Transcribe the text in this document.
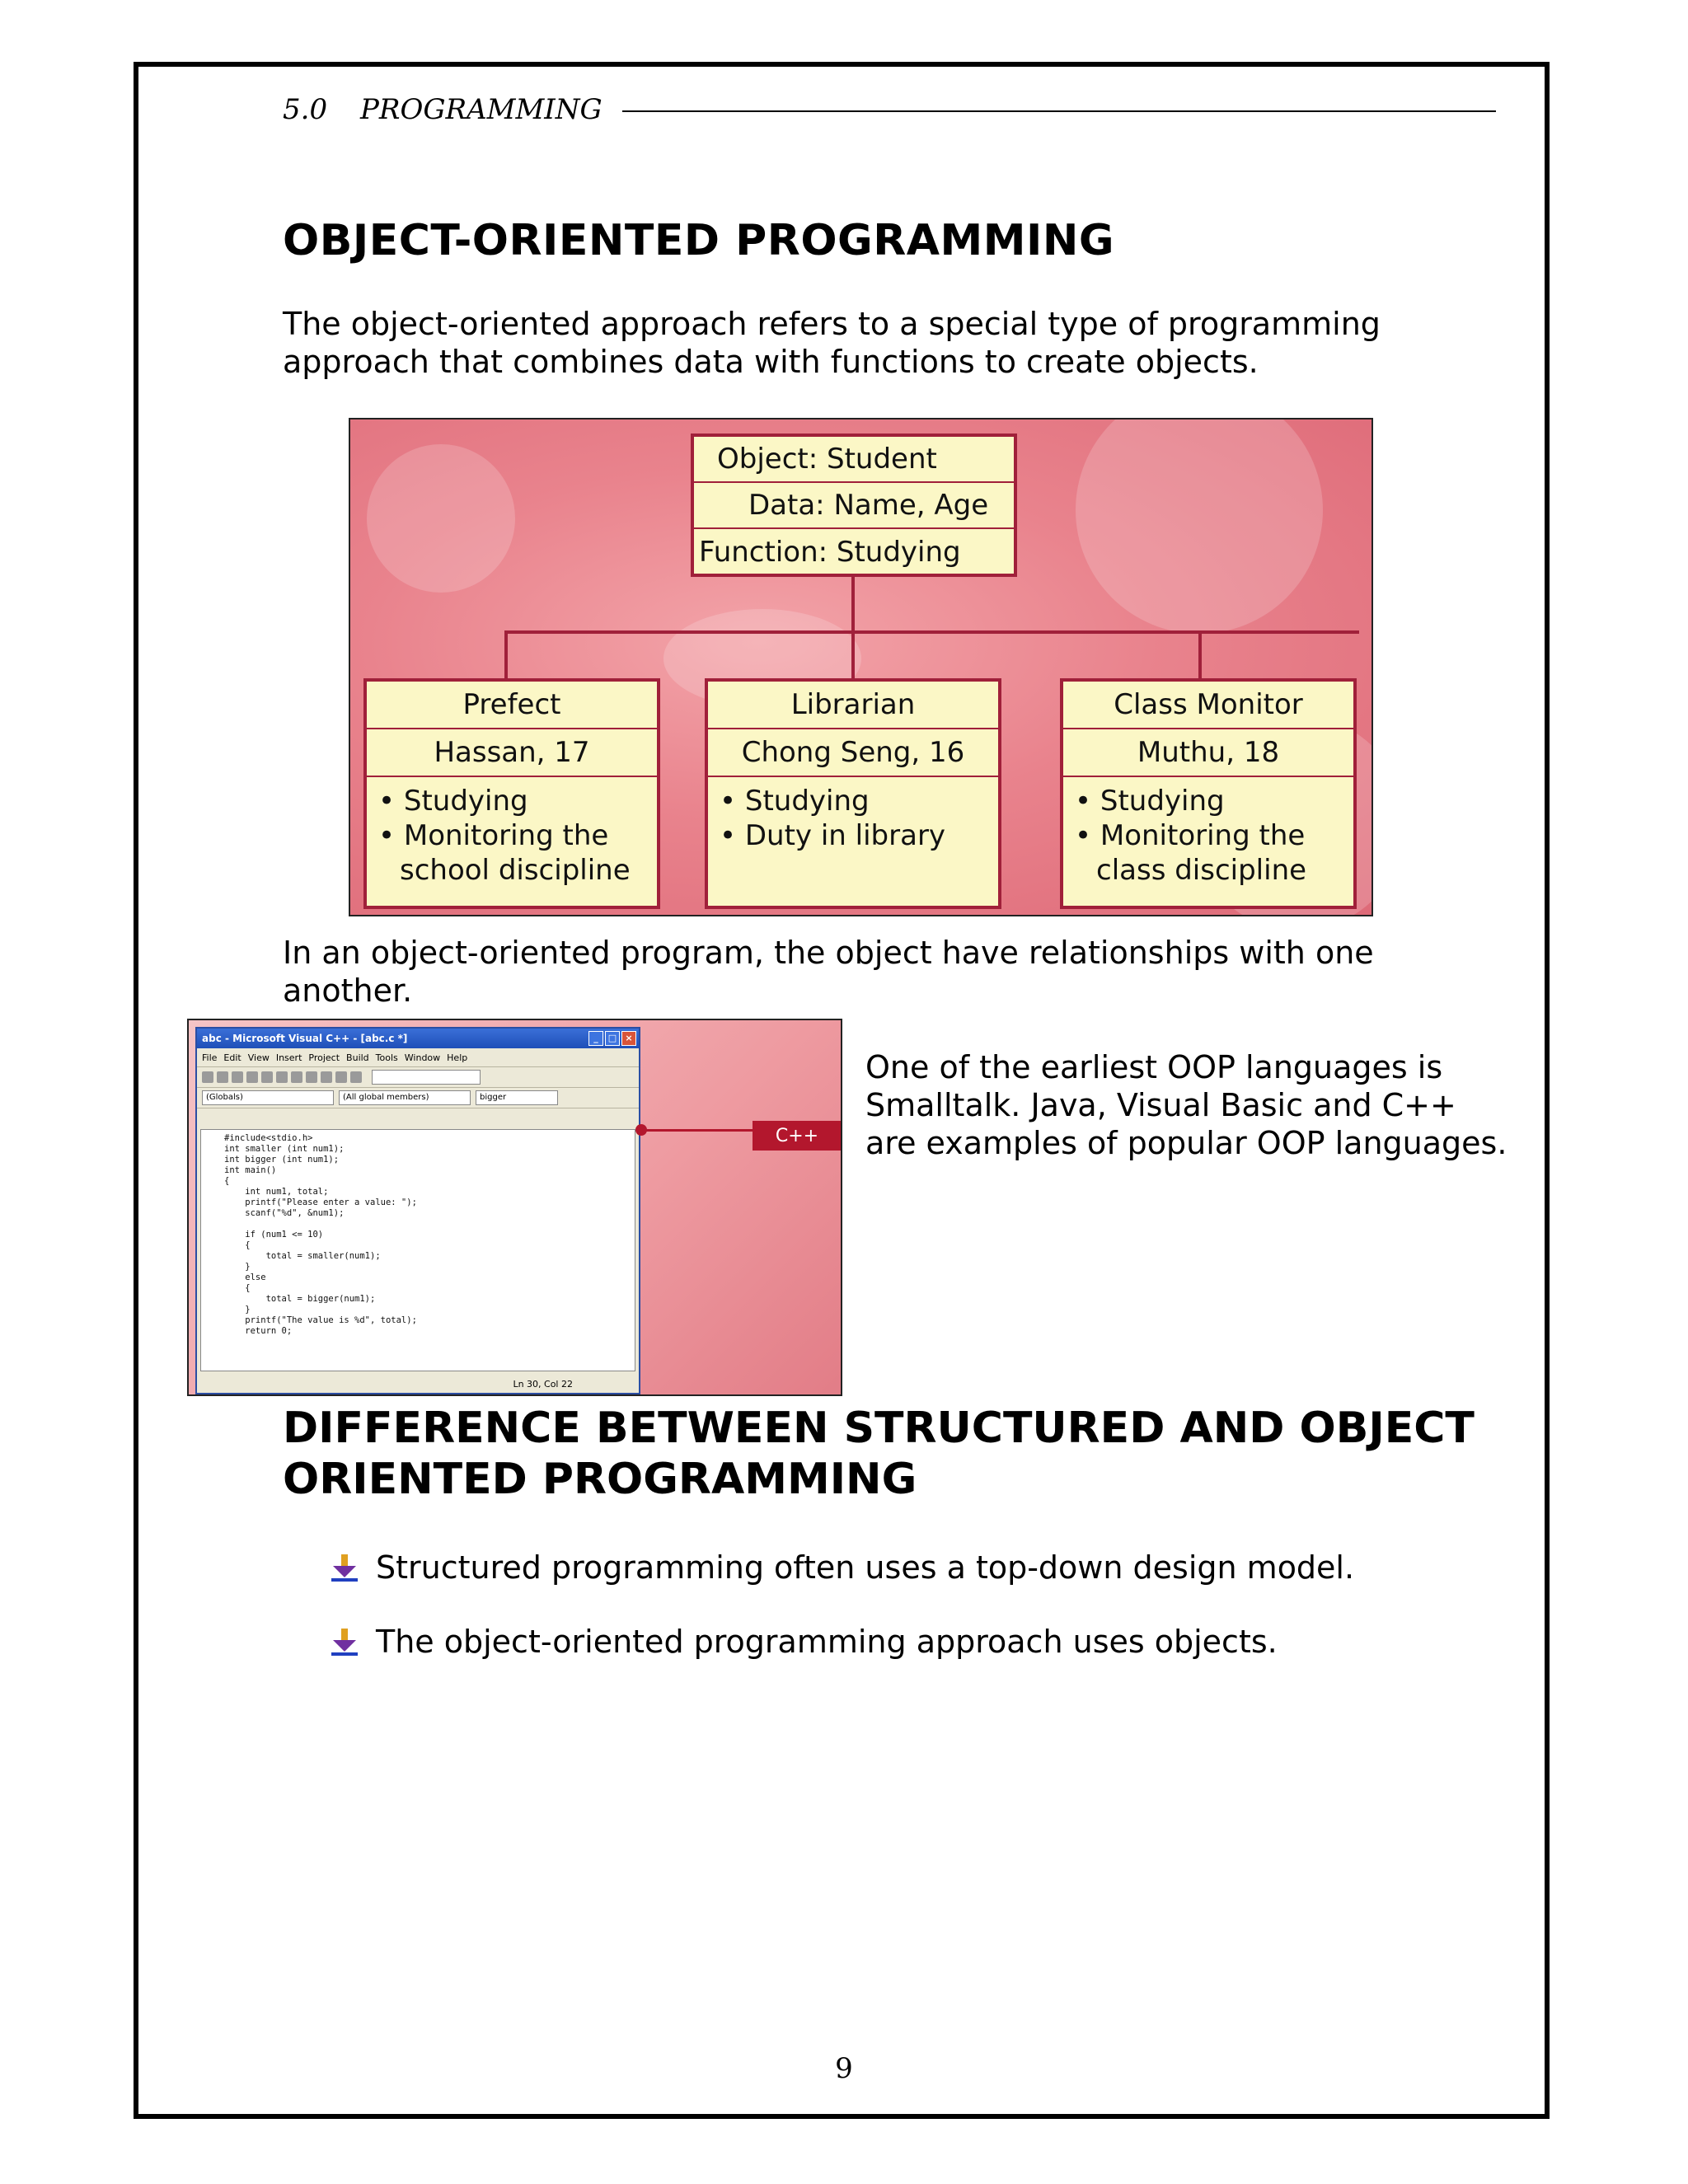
5.0	PROGRAMMING
OBJECT-ORIENTED PROGRAMMING
The object-oriented approach refers to a special type of programming
approach that combines data with functions to create objects.
Object: Student
Data: Name, Age
Function: Studying
Prefect
Hassan, 17
• Studying
• Monitoring the school discipline
Librarian
Chong Seng, 16
• Studying
• Duty in library
Class Monitor
Muthu, 18
• Studying
• Monitoring the class discipline
In an object-oriented program, the object have relationships with one
another.
abc - Microsoft Visual C++ - [abc.c *]	_	□ ×
File Edit View Insert Project Build Tools Window Help
(Globals)	(All global members)	bigger
#include<stdio.h>
int smaller (int num1);
int bigger (int num1);
int main()
{
int num1, total;
printf("Please enter a value: ");
scanf("%d", &num1);

if (num1 <= 10)
{
total = smaller(num1);
}
else
{
total = bigger(num1);
}
printf("The value is %d", total);
return 0;
Ln 30, Col 22
C++
One of the earliest OOP languages is Smalltalk. Java, Visual Basic and C++ are examples of popular OOP languages.
DIFFERENCE BETWEEN STRUCTURED AND OBJECT ORIENTED PROGRAMMING
Structured programming often uses a top-down design model.
The object-oriented programming approach uses objects.
9
